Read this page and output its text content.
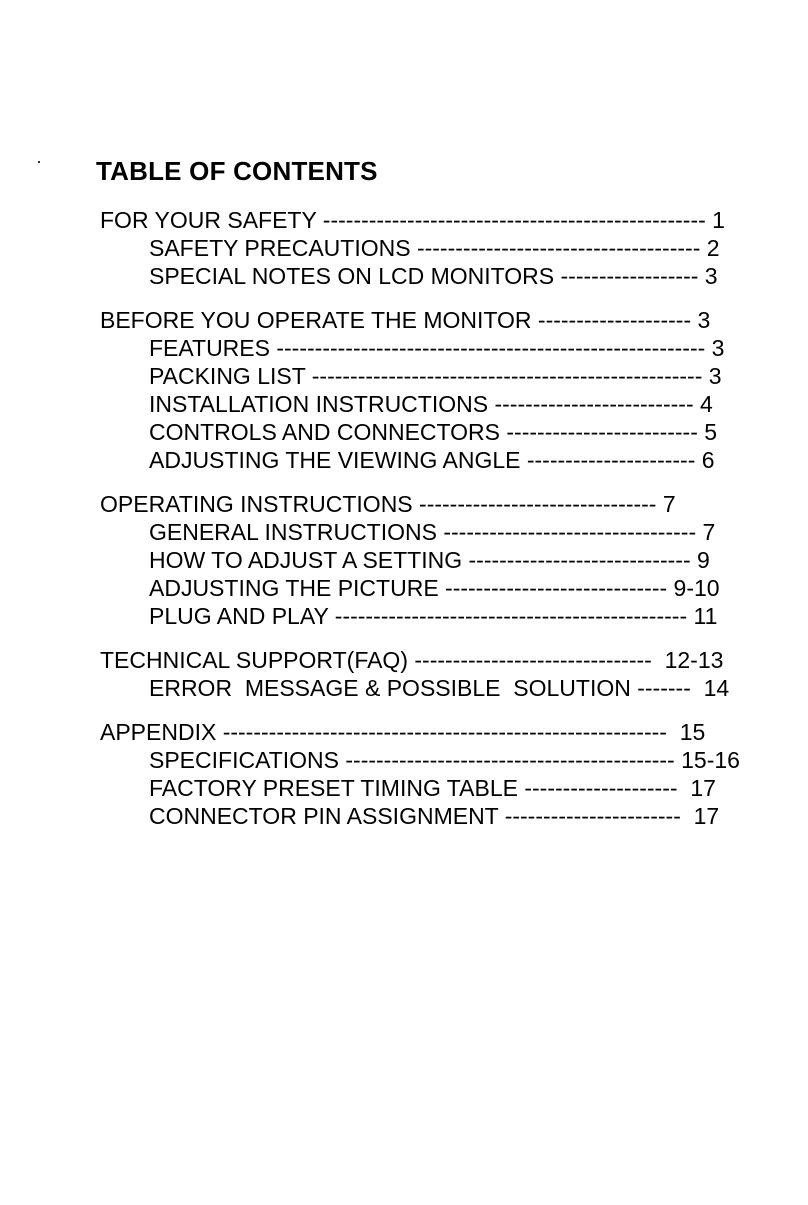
TABLE OF CONTENTS
FOR YOUR SAFETY -------------------------------------------------- 1
SAFETY PRECAUTIONS ------------------------------------- 2
SPECIAL NOTES ON LCD MONITORS ------------------ 3
BEFORE YOU OPERATE THE MONITOR -------------------- 3
FEATURES -------------------------------------------------------- 3
PACKING LIST --------------------------------------------------- 3
INSTALLATION INSTRUCTIONS -------------------------- 4
CONTROLS AND CONNECTORS ------------------------- 5
ADJUSTING THE VIEWING ANGLE ---------------------- 6
OPERATING INSTRUCTIONS ------------------------------- 7
GENERAL INSTRUCTIONS --------------------------------- 7
HOW TO ADJUST A SETTING ----------------------------- 9
ADJUSTING THE PICTURE ----------------------------- 9-10
PLUG AND PLAY ---------------------------------------------- 11
TECHNICAL SUPPORT(FAQ) -------------------------------  12-13
ERROR  MESSAGE & POSSIBLE  SOLUTION -------  14
APPENDIX ----------------------------------------------------------  15
SPECIFICATIONS ------------------------------------------- 15-16
FACTORY PRESET TIMING TABLE --------------------  17
CONNECTOR PIN ASSIGNMENT -----------------------  17
